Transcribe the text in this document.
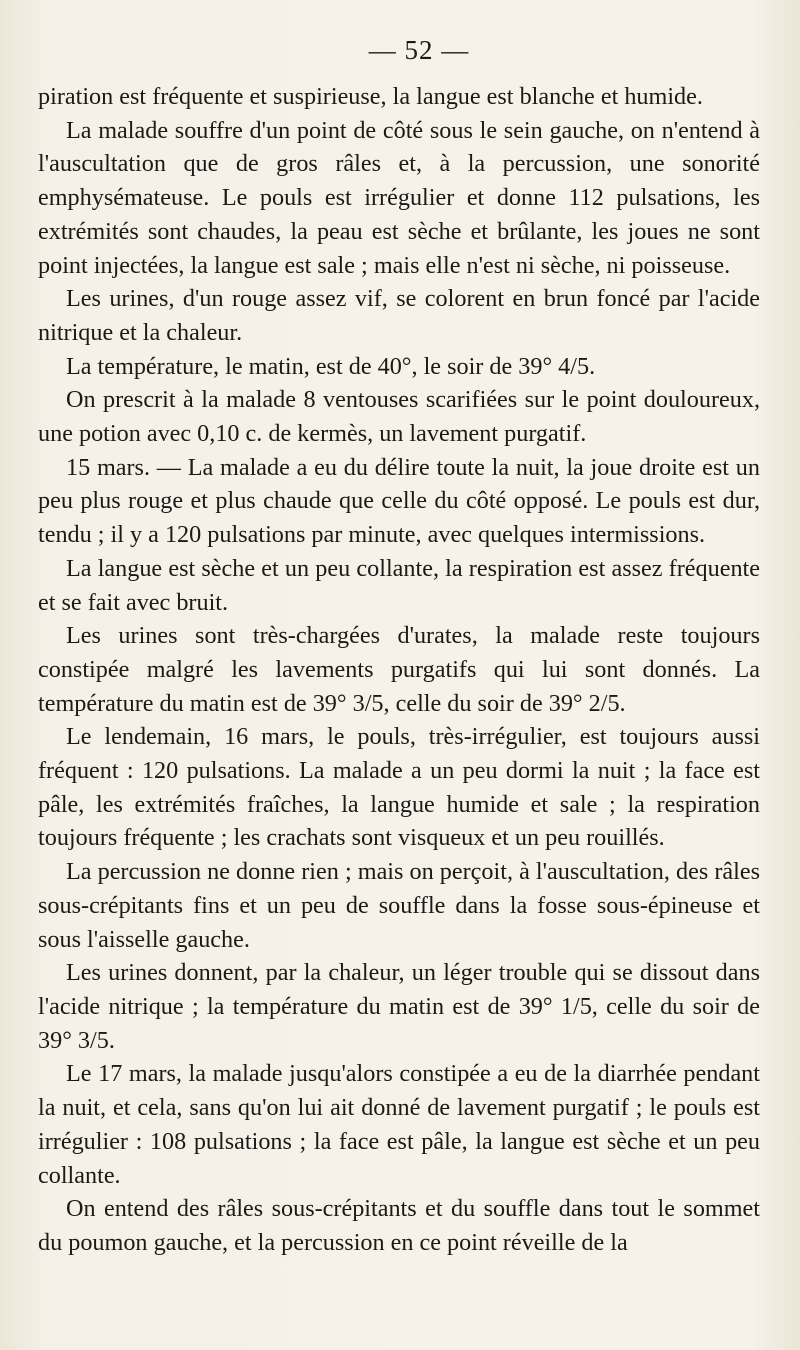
— 52 —

piration est fréquente et suspirieuse, la langue est blanche et humide.

La malade souffre d'un point de côté sous le sein gauche, on n'entend à l'auscultation que de gros râles et, à la percussion, une sonorité emphysémateuse. Le pouls est irrégulier et donne 112 pulsations, les extrémités sont chaudes, la peau est sèche et brûlante, les joues ne sont point injectées, la langue est sale ; mais elle n'est ni sèche, ni poisseuse.

Les urines, d'un rouge assez vif, se colorent en brun foncé par l'acide nitrique et la chaleur.

La température, le matin, est de 40°, le soir de 39° 4/5.

On prescrit à la malade 8 ventouses scarifiées sur le point douloureux, une potion avec 0,10 c. de kermès, un lavement purgatif.

15 mars. — La malade a eu du délire toute la nuit, la joue droite est un peu plus rouge et plus chaude que celle du côté opposé. Le pouls est dur, tendu ; il y a 120 pulsations par minute, avec quelques intermissions.

La langue est sèche et un peu collante, la respiration est assez fréquente et se fait avec bruit.

Les urines sont très-chargées d'urates, la malade reste toujours constipée malgré les lavements purgatifs qui lui sont donnés. La température du matin est de 39° 3/5, celle du soir de 39° 2/5.

Le lendemain, 16 mars, le pouls, très-irrégulier, est toujours aussi fréquent : 120 pulsations. La malade a un peu dormi la nuit ; la face est pâle, les extrémités fraîches, la langue humide et sale ; la respiration toujours fréquente ; les crachats sont visqueux et un peu rouillés.

La percussion ne donne rien ; mais on perçoit, à l'auscultation, des râles sous-crépitants fins et un peu de souffle dans la fosse sous-épineuse et sous l'aisselle gauche.

Les urines donnent, par la chaleur, un léger trouble qui se dissout dans l'acide nitrique ; la température du matin est de 39° 1/5, celle du soir de 39° 3/5.

Le 17 mars, la malade jusqu'alors constipée a eu de la diarrhée pendant la nuit, et cela, sans qu'on lui ait donné de lavement purgatif ; le pouls est irrégulier : 108 pulsations ; la face est pâle, la langue est sèche et un peu collante.

On entend des râles sous-crépitants et du souffle dans tout le sommet du poumon gauche, et la percussion en ce point réveille de la
